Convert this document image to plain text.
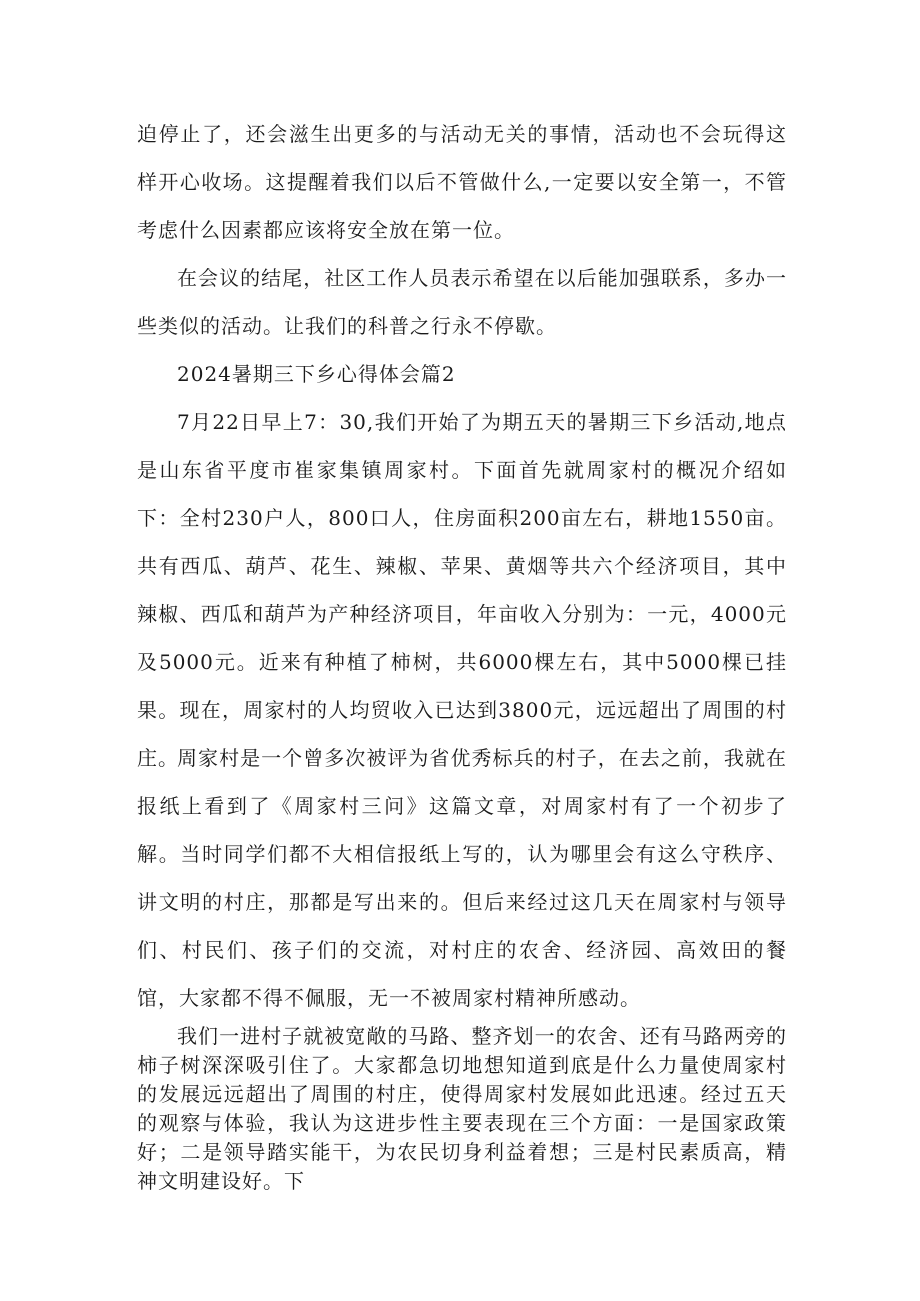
迫停止了，还会滋生出更多的与活动无关的事情，活动也不会玩得这样开心收场。这提醒着我们以后不管做什么,一定要以安全第一，不管考虑什么因素都应该将安全放在第一位。

在会议的结尾，社区工作人员表示希望在以后能加强联系，多办一些类似的活动。让我们的科普之行永不停歇。

2024暑期三下乡心得体会篇2

7月22日早上7：30,我们开始了为期五天的暑期三下乡活动,地点是山东省平度市崔家集镇周家村。下面首先就周家村的概况介绍如下：全村230户人，800口人，住房面积200亩左右，耕地1550亩。共有西瓜、葫芦、花生、辣椒、苹果、黄烟等共六个经济项目，其中辣椒、西瓜和葫芦为产种经济项目，年亩收入分别为：一元，4000元及5000元。近来有种植了柿树，共6000棵左右，其中5000棵已挂果。现在，周家村的人均贸收入已达到3800元，远远超出了周围的村庄。

周家村是一个曾多次被评为省优秀标兵的村子，在去之前，我就在报纸上看到了《周家村三问》这篇文章，对周家村有了一个初步了解。当时同学们都不大相信报纸上写的，认为哪里会有这么守秩序、讲文明的村庄，那都是写出来的。但后来经过这几天在周家村与领导们、村民们、孩子们的交流，对村庄的农舍、经济园、高效田的餐馆，大家都不得不佩服，无一不被周家村精神所感动。

我们一进村子就被宽敞的马路、整齐划一的农舍、还有马路两旁的柿子树深深吸引住了。大家都急切地想知道到底是什么力量使周家村的发展远远超出了周围的村庄，使得周家村发展如此迅速。经过五天的观察与体验，我认为这进步性主要表现在三个方面：一是国家政策好；二是领导踏实能干，为农民切身利益着想；三是村民素质高，精神文明建设好。下
